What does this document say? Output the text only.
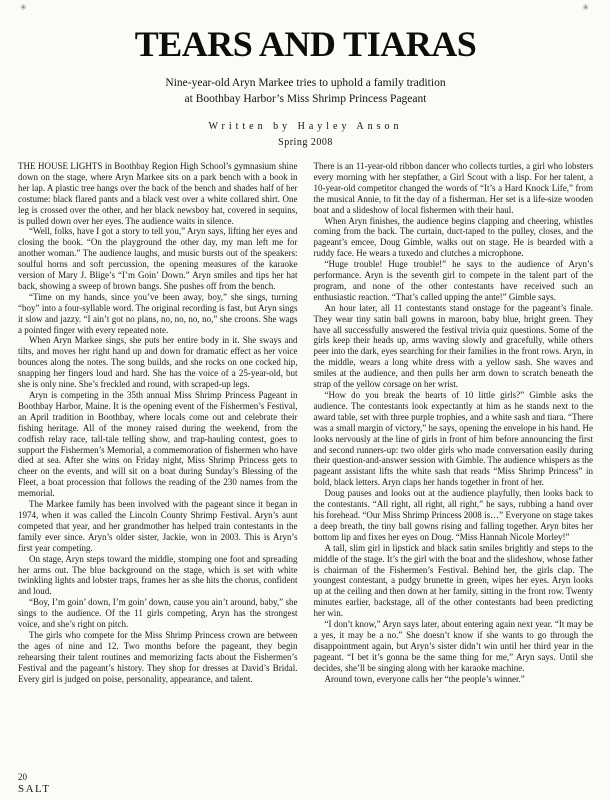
✳	✳
TEARS AND TIARAS

Nine-year-old Aryn Markee tries to uphold a family tradition
at Boothbay Harbor’s Miss Shrimp Princess Pageant

Written by Hayley Anson

Spring 2008

THE HOUSE LIGHTS in Boothbay Region High School’s gymnasium shine down on the stage, where Aryn Markee sits on a park bench with a book in her lap. A plastic tree hangs over the back of the bench and shades half of her costume: black flared pants and a black vest over a white collared shirt. One leg is crossed over the other, and her black newsboy hat, covered in sequins, is pulled down over her eyes. The audience waits in silence.

“Well, folks, have I got a story to tell you,” Aryn says, lifting her eyes and closing the book. “On the playground the other day, my man left me for another woman.” The audience laughs, and music bursts out of the speakers: soulful horns and soft percussion, the opening measures of the karaoke version of Mary J. Blige’s “I’m Goin’ Down.” Aryn smiles and tips her hat back, showing a sweep of brown bangs. She pushes off from the bench.

“Time on my hands, since you’ve been away, boy,” she sings, turning “boy” into a four-syllable word. The original recording is fast, but Aryn sings it slow and jazzy. “I ain’t got no plans, no, no, no, no,” she croons. She wags a pointed finger with every repeated note.

When Aryn Markee sings, she puts her entire body in it. She sways and tilts, and moves her right hand up and down for dramatic effect as her voice bounces along the notes. The song builds, and she rocks on one cocked hip, snapping her fingers loud and hard. She has the voice of a 25-year-old, but she is only nine. She’s freckled and round, with scraped-up legs.

Aryn is competing in the 35th annual Miss Shrimp Princess Pageant in Boothbay Harbor, Maine. It is the opening event of the Fishermen’s Festival, an April tradition in Boothbay, where locals come out and celebrate their fishing heritage. All of the money raised during the weekend, from the codfish relay race, tall-tale telling show, and trap-hauling contest, goes to support the Fishermen’s Memorial, a commemoration of fishermen who have died at sea. After she wins on Friday night, Miss Shrimp Princess gets to cheer on the events, and will sit on a boat during Sunday’s Blessing of the Fleet, a boat procession that follows the reading of the 230 names from the memorial.

The Markee family has been involved with the pageant since it began in 1974, when it was called the Lincoln County Shrimp Festival. Aryn’s aunt competed that year, and her grandmother has helped train contestants in the family ever since. Aryn’s older sister, Jackie, won in 2003. This is Aryn’s first year competing.

On stage, Aryn steps toward the middle, stomping one foot and spreading her arms out. The blue background on the stage, which is set with white twinkling lights and lobster traps, frames her as she hits the chorus, confident and loud.

“Boy, I’m goin’ down, I’m goin’ down, cause you ain’t around, baby,” she sings to the audience. Of the 11 girls competing, Aryn has the strongest voice, and she’s right on pitch.

The girls who compete for the Miss Shrimp Princess crown are between the ages of nine and 12. Two months before the pageant, they begin rehearsing their talent routines and memorizing facts about the Fishermen’s Festival and the pageant’s history. They shop for dresses at David’s Bridal. Every girl is judged on poise, personality, appearance, and talent.

There is an 11-year-old ribbon dancer who collects turtles, a girl who lobsters every morning with her stepfather, a Girl Scout with a lisp. For her talent, a 10-year-old competitor changed the words of “It’s a Hard Knock Life,” from the musical Annie, to fit the day of a fisherman. Her set is a life-size wooden boat and a slideshow of local fishermen with their haul.

When Aryn finishes, the audience begins clapping and cheering, whistles coming from the back. The curtain, duct-taped to the pulley, closes, and the pageant’s emcee, Doug Gimble, walks out on stage. He is bearded with a ruddy face. He wears a tuxedo and clutches a microphone.

“Huge trouble! Huge trouble!” he says to the audience of Aryn’s performance. Aryn is the seventh girl to compete in the talent part of the program, and none of the other contestants have received such an enthusiastic reaction. “That’s called upping the ante!” Gimble says.

An hour later, all 11 contestants stand onstage for the pageant’s finale. They wear tiny satin ball gowns in maroon, baby blue, bright green. They have all successfully answered the festival trivia quiz questions. Some of the girls keep their heads up, arms waving slowly and gracefully, while others peer into the dark, eyes searching for their families in the front rows. Aryn, in the middle, wears a long white dress with a yellow sash. She waves and smiles at the audience, and then pulls her arm down to scratch beneath the strap of the yellow corsage on her wrist.

“How do you break the hearts of 10 little girls?” Gimble asks the audience. The contestants look expectantly at him as he stands next to the award table, set with three purple trophies, and a white sash and tiara. “There was a small margin of victory,” he says, opening the envelope in his hand. He looks nervously at the line of girls in front of him before announcing the first and second runners-up: two older girls who made conversation easily during their question-and-answer session with Gimble. The audience whispers as the pageant assistant lifts the white sash that reads “Miss Shrimp Princess” in bold, black letters. Aryn claps her hands together in front of her.

Doug pauses and looks out at the audience playfully, then looks back to the contestants. “All right, all right, all right,” he says, rubbing a hand over his forehead. “Our Miss Shrimp Princess 2008 is…” Everyone on stage takes a deep breath, the tiny ball gowns rising and falling together. Aryn bites her bottom lip and fixes her eyes on Doug. “Miss Hannah Nicole Morley!”

A tall, slim girl in lipstick and black satin smiles brightly and steps to the middle of the stage. It’s the girl with the boat and the slideshow, whose father is chairman of the Fishermen’s Festival. Behind her, the girls clap. The youngest contestant, a pudgy brunette in green, wipes her eyes. Aryn looks up at the ceiling and then down at her family, sitting in the front row. Twenty minutes earlier, backstage, all of the other contestants had been predicting her win.

“I don’t know,” Aryn says later, about entering again next year. “It may be a yes, it may be a no.” She doesn’t know if she wants to go through the disappointment again, but Aryn’s sister didn’t win until her third year in the pageant. “I bet it’s gonna be the same thing for me,” Aryn says. Until she decides, she’ll be singing along with her karaoke machine.

Around town, everyone calls her “the people’s winner.”

20
SALT
